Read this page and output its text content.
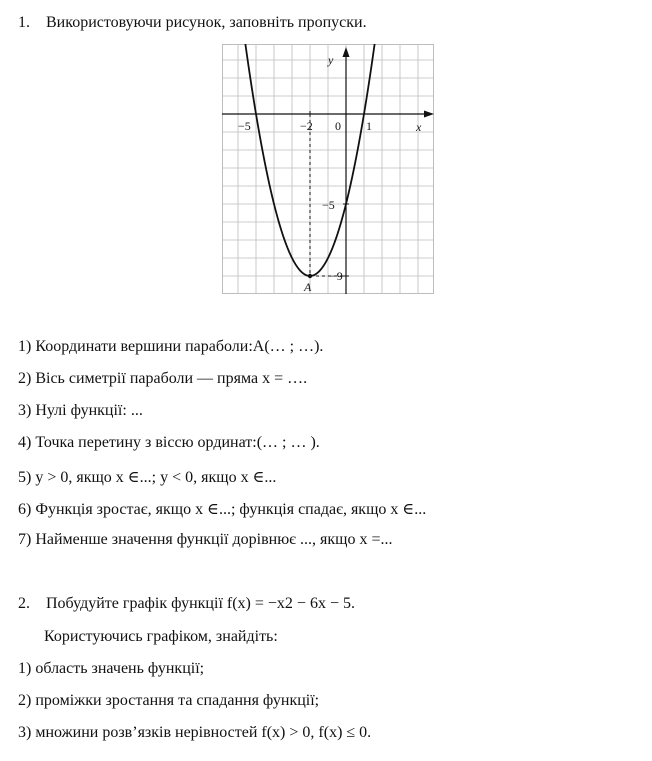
1. Використовуючи рисунок, заповніть пропуски.
−5	−2 0 1	x
y
−5
−9
A
1) Координати вершини параболи:A(… ; …).
2) Вісь симетрії параболи — пряма x = ….
3) Нулі функції: ...
4) Точка перетину з віссю ординат:(… ; … ).
5) y > 0, якщо x ∈...; y < 0, якщо x ∈...
6) Функція зростає, якщо x ∈...; функція спадає, якщо x ∈...
7) Найменше значення функції дорівнює ..., якщо x =...
2. Побудуйте графік функції f(x) = −x2 − 6x − 5.
Користуючись графіком, знайдіть:
1) область значень функції;
2) проміжки зростання та спадання функції;
3) множини розв’язків нерівностей f(x) > 0, f(x) ≤ 0.
